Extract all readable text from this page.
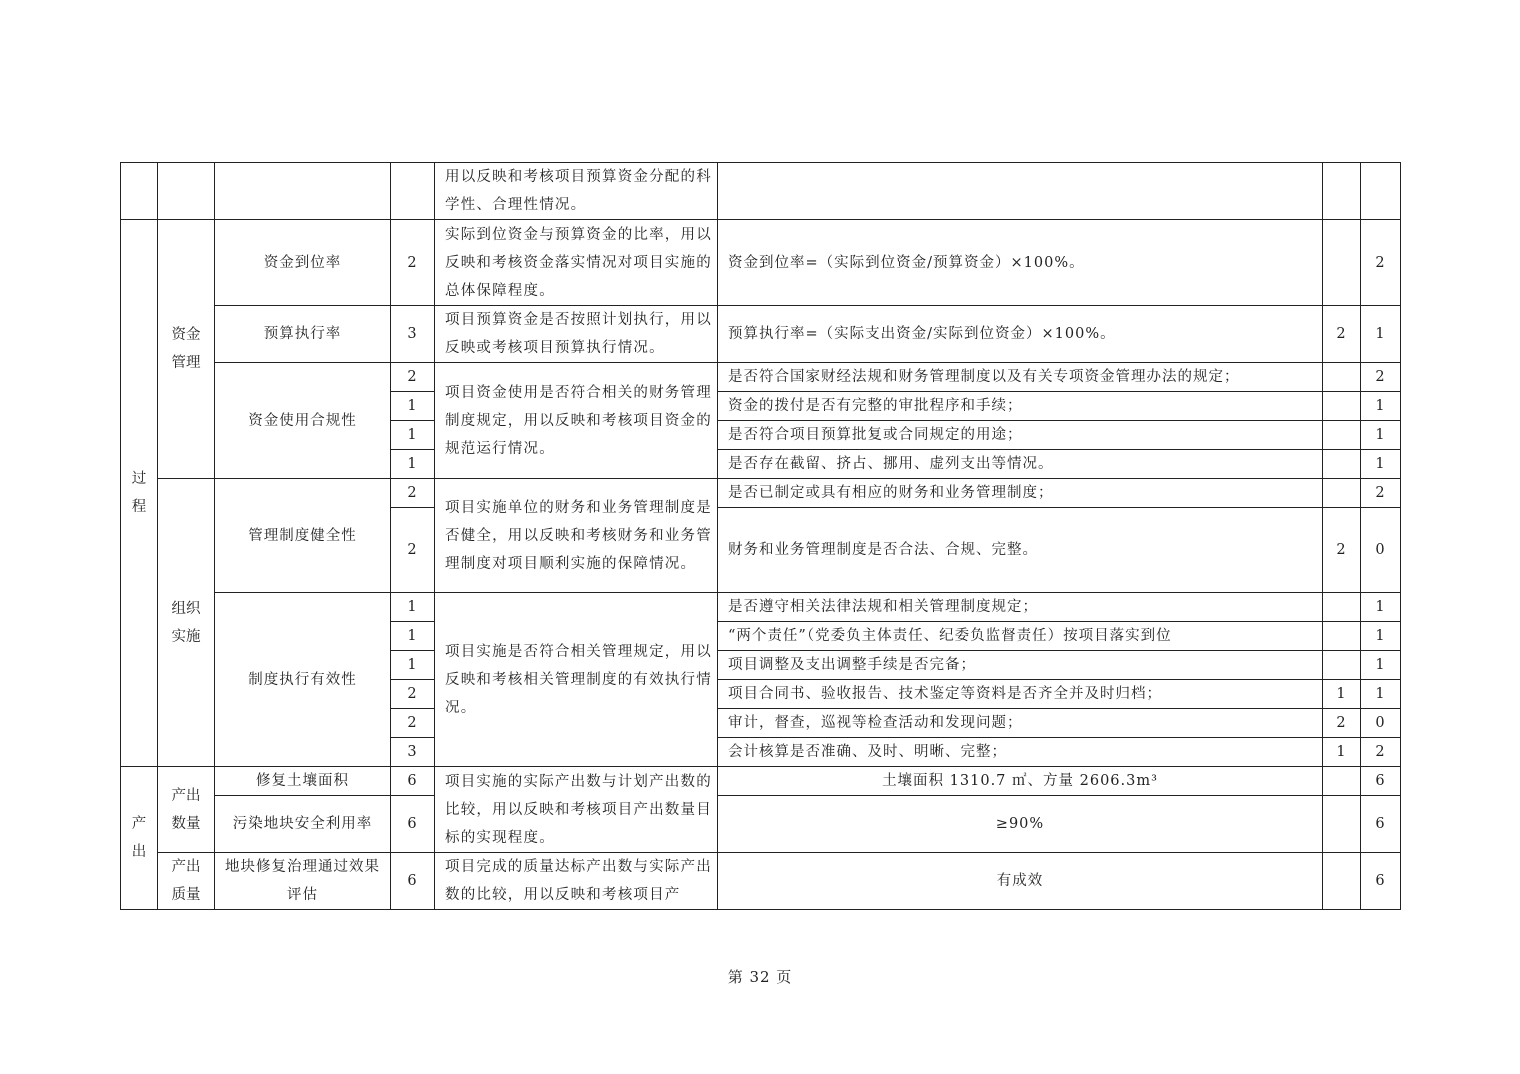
				用以反映和考核项目预算资金分配的科学性、合理性情况。			
过程	资金管理	资金到位率	2	实际到位资金与预算资金的比率，用以反映和考核资金落实情况对项目实施的总体保障程度。	资金到位率=（实际到位资金/预算资金）×100%。		2
		预算执行率	3	项目预算资金是否按照计划执行，用以反映或考核项目预算执行情况。	预算执行率=（实际支出资金/实际到位资金）×100%。	2	1
		资金使用合规性	2	项目资金使用是否符合相关的财务管理制度规定，用以反映和考核项目资金的规范运行情况。	是否符合国家财经法规和财务管理制度以及有关专项资金管理办法的规定；		2
			1		资金的拨付是否有完整的审批程序和手续；		1
			1		是否符合项目预算批复或合同规定的用途；		1
			1		是否存在截留、挤占、挪用、虚列支出等情况。		1
	组织实施	管理制度健全性	2	项目实施单位的财务和业务管理制度是否健全，用以反映和考核财务和业务管理制度对项目顺利实施的保障情况。	是否已制定或具有相应的财务和业务管理制度；		2
			2		财务和业务管理制度是否合法、合规、完整。	2	0
		制度执行有效性	1	项目实施是否符合相关管理规定，用以反映和考核相关管理制度的有效执行情况。	是否遵守相关法律法规和相关管理制度规定；		1
			1		“两个责任”（党委负主体责任、纪委负监督责任）按项目落实到位		1
			1		项目调整及支出调整手续是否完备；		1
			2		项目合同书、验收报告、技术鉴定等资料是否齐全并及时归档；	1	1
			2		审计，督查，巡视等检查活动和发现问题；	2	0
			3		会计核算是否准确、及时、明晰、完整；	1	2
产出	产出数量	修复土壤面积	6	项目实施的实际产出数与计划产出数的比较，用以反映和考核项目产出数量目标的实现程度。	土壤面积 1310.7 ㎡、方量 2606.3m³		6
		污染地块安全利用率	6		≥90%		6
	产出质量	地块修复治理通过效果评估	6	项目完成的质量达标产出数与实际产出数的比较，用以反映和考核项目产	有成效		6
第 32 页
